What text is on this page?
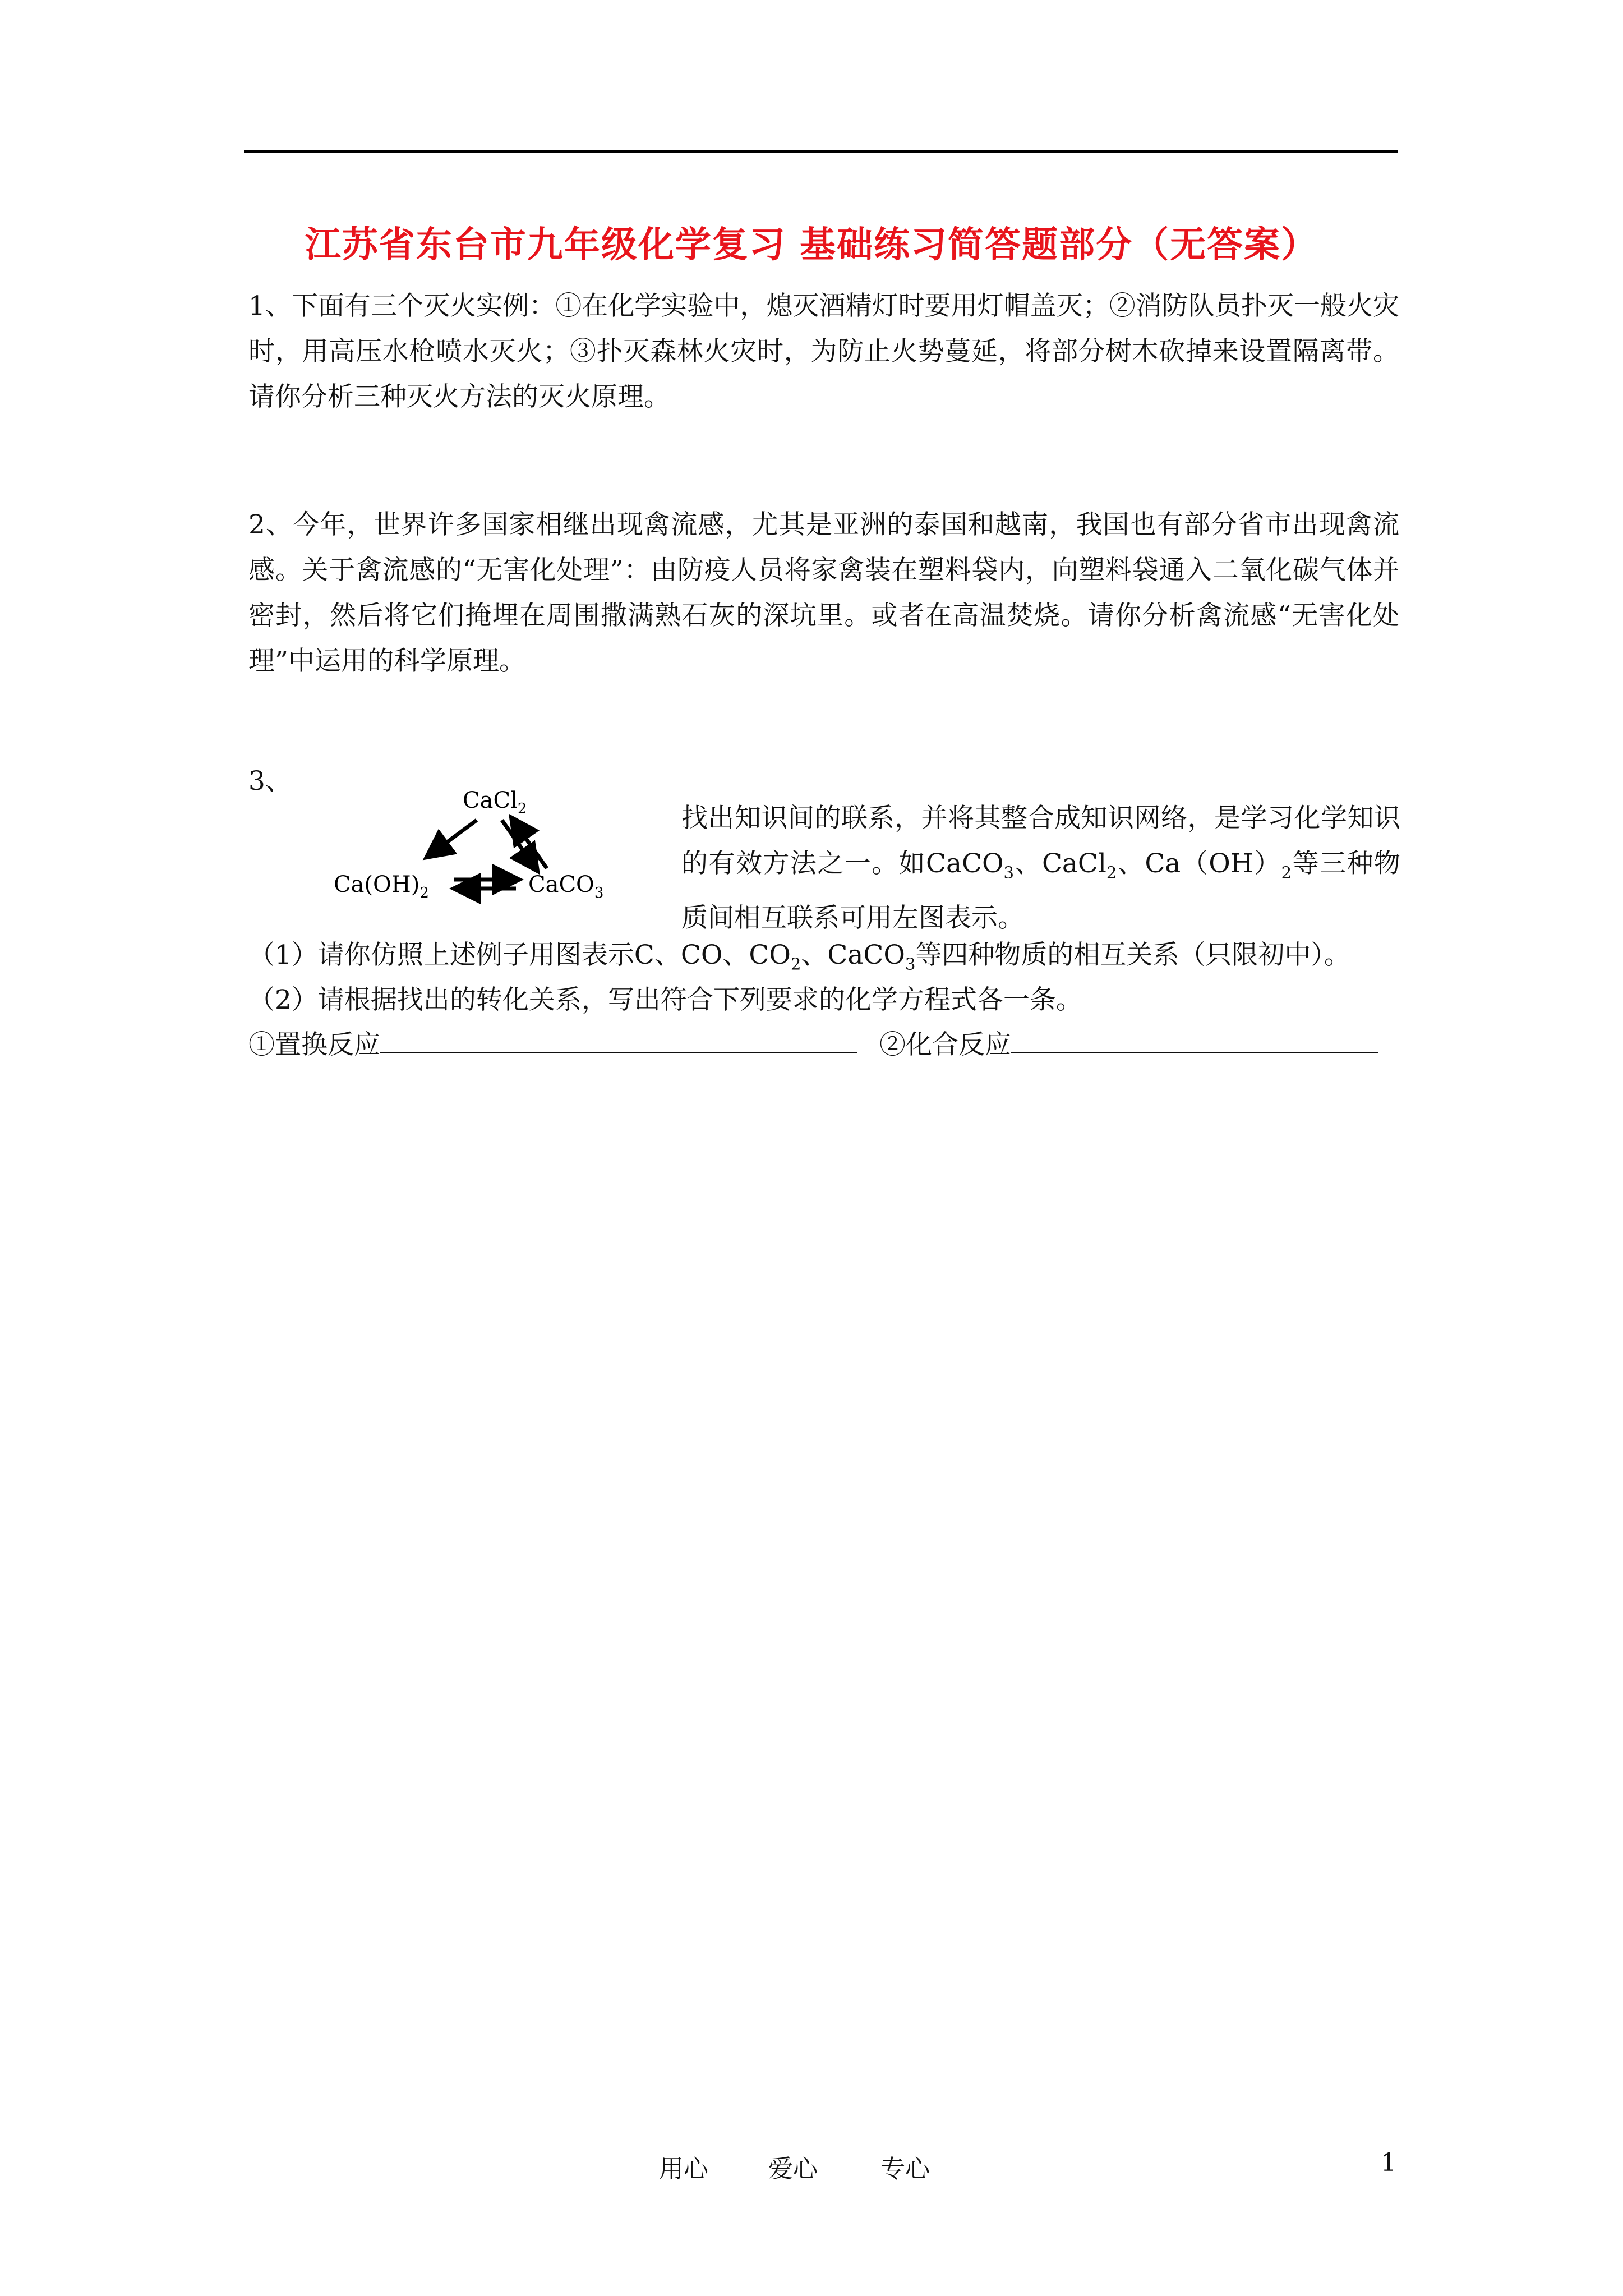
江苏省东台市九年级化学复习 基础练习简答题部分（无答案）

1、下面有三个灭火实例：①在化学实验中，熄灭酒精灯时要用灯帽盖灭；②消防队员扑灭一般火灾时，用高压水枪喷水灭火；③扑灭森林火灾时，为防止火势蔓延，将部分树木砍掉来设置隔离带。请你分析三种灭火方法的灭火原理。

2、今年，世界许多国家相继出现禽流感，尤其是亚洲的泰国和越南，我国也有部分省市出现禽流感。关于禽流感的“无害化处理”：由防疫人员将家禽装在塑料袋内，向塑料袋通入二氧化碳气体并密封，然后将它们掩埋在周围撒满熟石灰的深坑里。或者在高温焚烧。请你分析禽流感“无害化处理”中运用的科学原理。

3、
CaCl$_2$
$Ca(OH)_2$	CaCO$_3$

找出知识间的联系，并将其整合成知识网络，是学习化学知识的有效方法之一。如CaCO$_3$、CaCl$_2$、$Ca(OH)_2$等三种物质间相互联系可用左图表示。

（1）请你仿照上述例子用图表示C、CO、$CO_2$、CaCO$_3$等四种物质的相互关系（只限初中）。
（2）请根据找出的转化关系，写出符合下列要求的化学方程式各一条。
①置换反应	②化合反应
用心 爱心	专心	1
